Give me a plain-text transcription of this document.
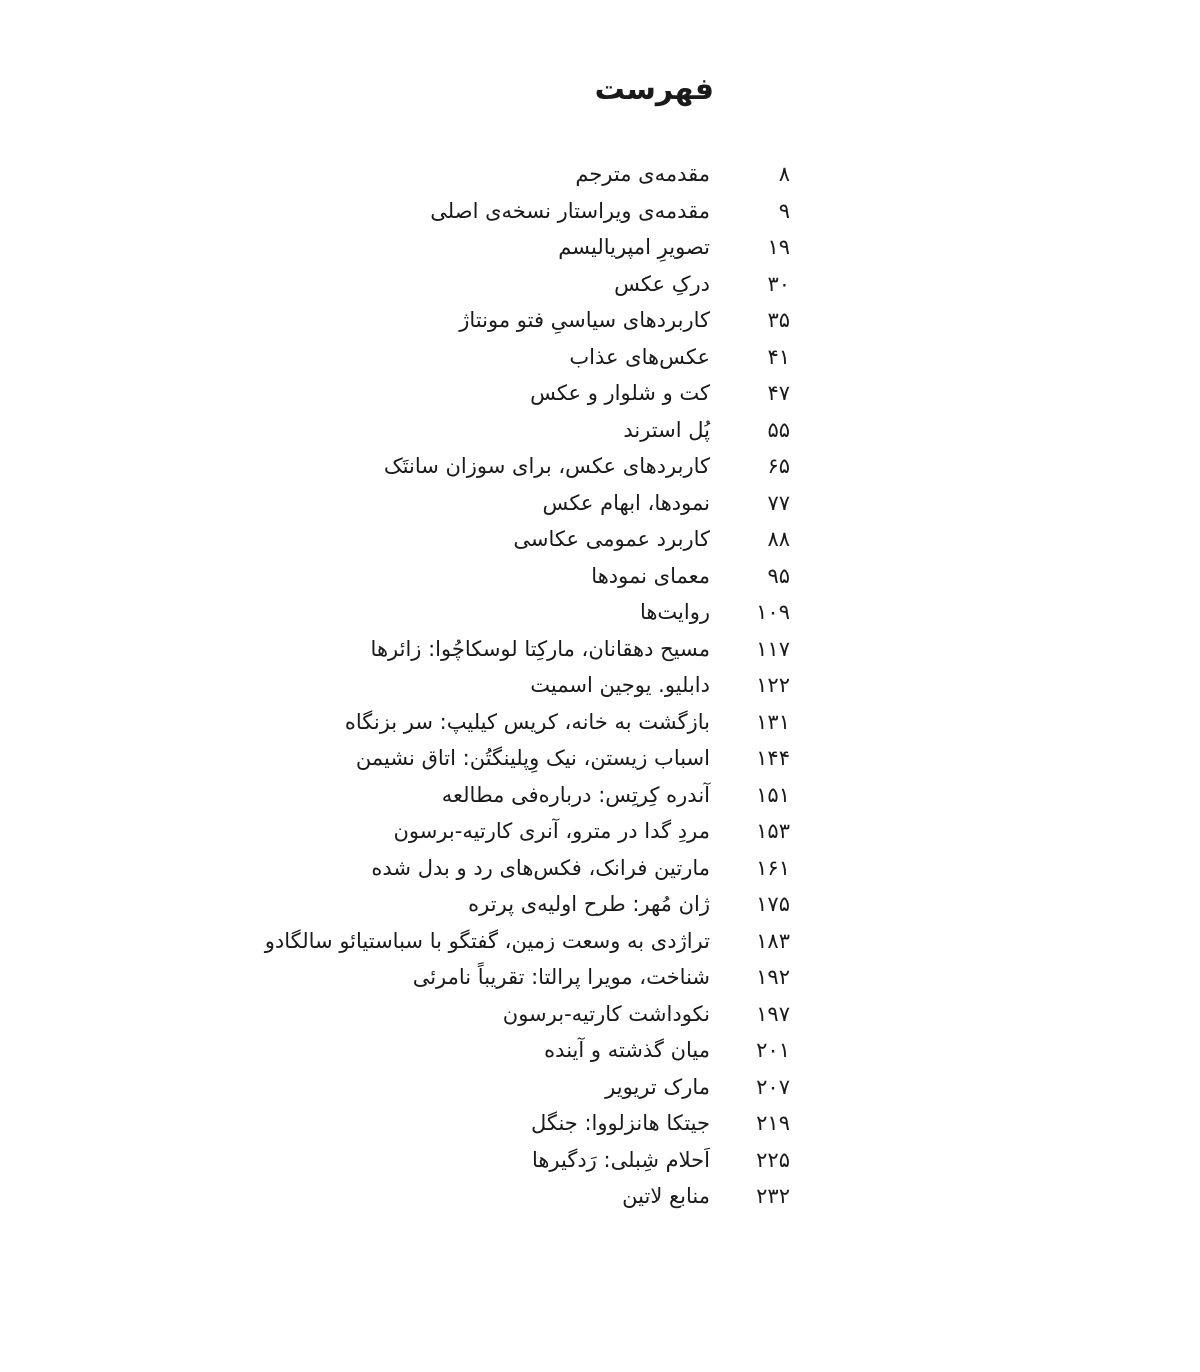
فهرست
۸
مقدمه‌ی مترجم
۹
مقدمه‌ی ویراستار نسخه‌ی اصلی
۱۹
تصویرِ امپریالیسم
۳۰
درکِ عکس
۳۵
کاربردهای سیاسیِ فتو مونتاژ
۴۱
عکس‌های عذاب
۴۷
کت و شلوار و عکس
۵۵
پُل استرند
۶۵
کاربردهای عکس، برای سوزان سانتَک
۷۷
نمودها، ابهام عکس
۸۸
کاربرد عمومی عکاسی
۹۵
معمای نمودها
۱۰۹
روایت‌ها
۱۱۷
مسیح دهقانان، مارکِتا لوسکاچُوا: زائرها
۱۲۲
دابلیو. یوجین اسمیت
۱۳۱
بازگشت به خانه، کریس کیلیپ: سر بزنگاه
۱۴۴
اسباب زیستن، نیک وِپلینگتُن: اتاق نشیمن
۱۵۱
آندره کِرتِس: درباره‌فی مطالعه
۱۵۳
مردِ گدا در مترو، آنری کارتیه-برسون
۱۶۱
مارتین فرانک، فکس‌های رد و بدل شده
۱۷۵
ژان مُهر: طرح اولیه‌ی پرتره
۱۸۳
تراژدی به وسعت زمین، گفتگو با سباستیائو سالگادو
۱۹۲
شناخت، مویرا پرالتا: تقریباً نامرئی
۱۹۷
نکوداشت کارتیه-برسون
۲۰۱
میان گذشته و آینده
۲۰۷
مارک تریویر
۲۱۹
جیتکا هانزلووا: جنگل
۲۲۵
اَحلام شِبلی: رَدگیرها
۲۳۲
منابع لاتین
